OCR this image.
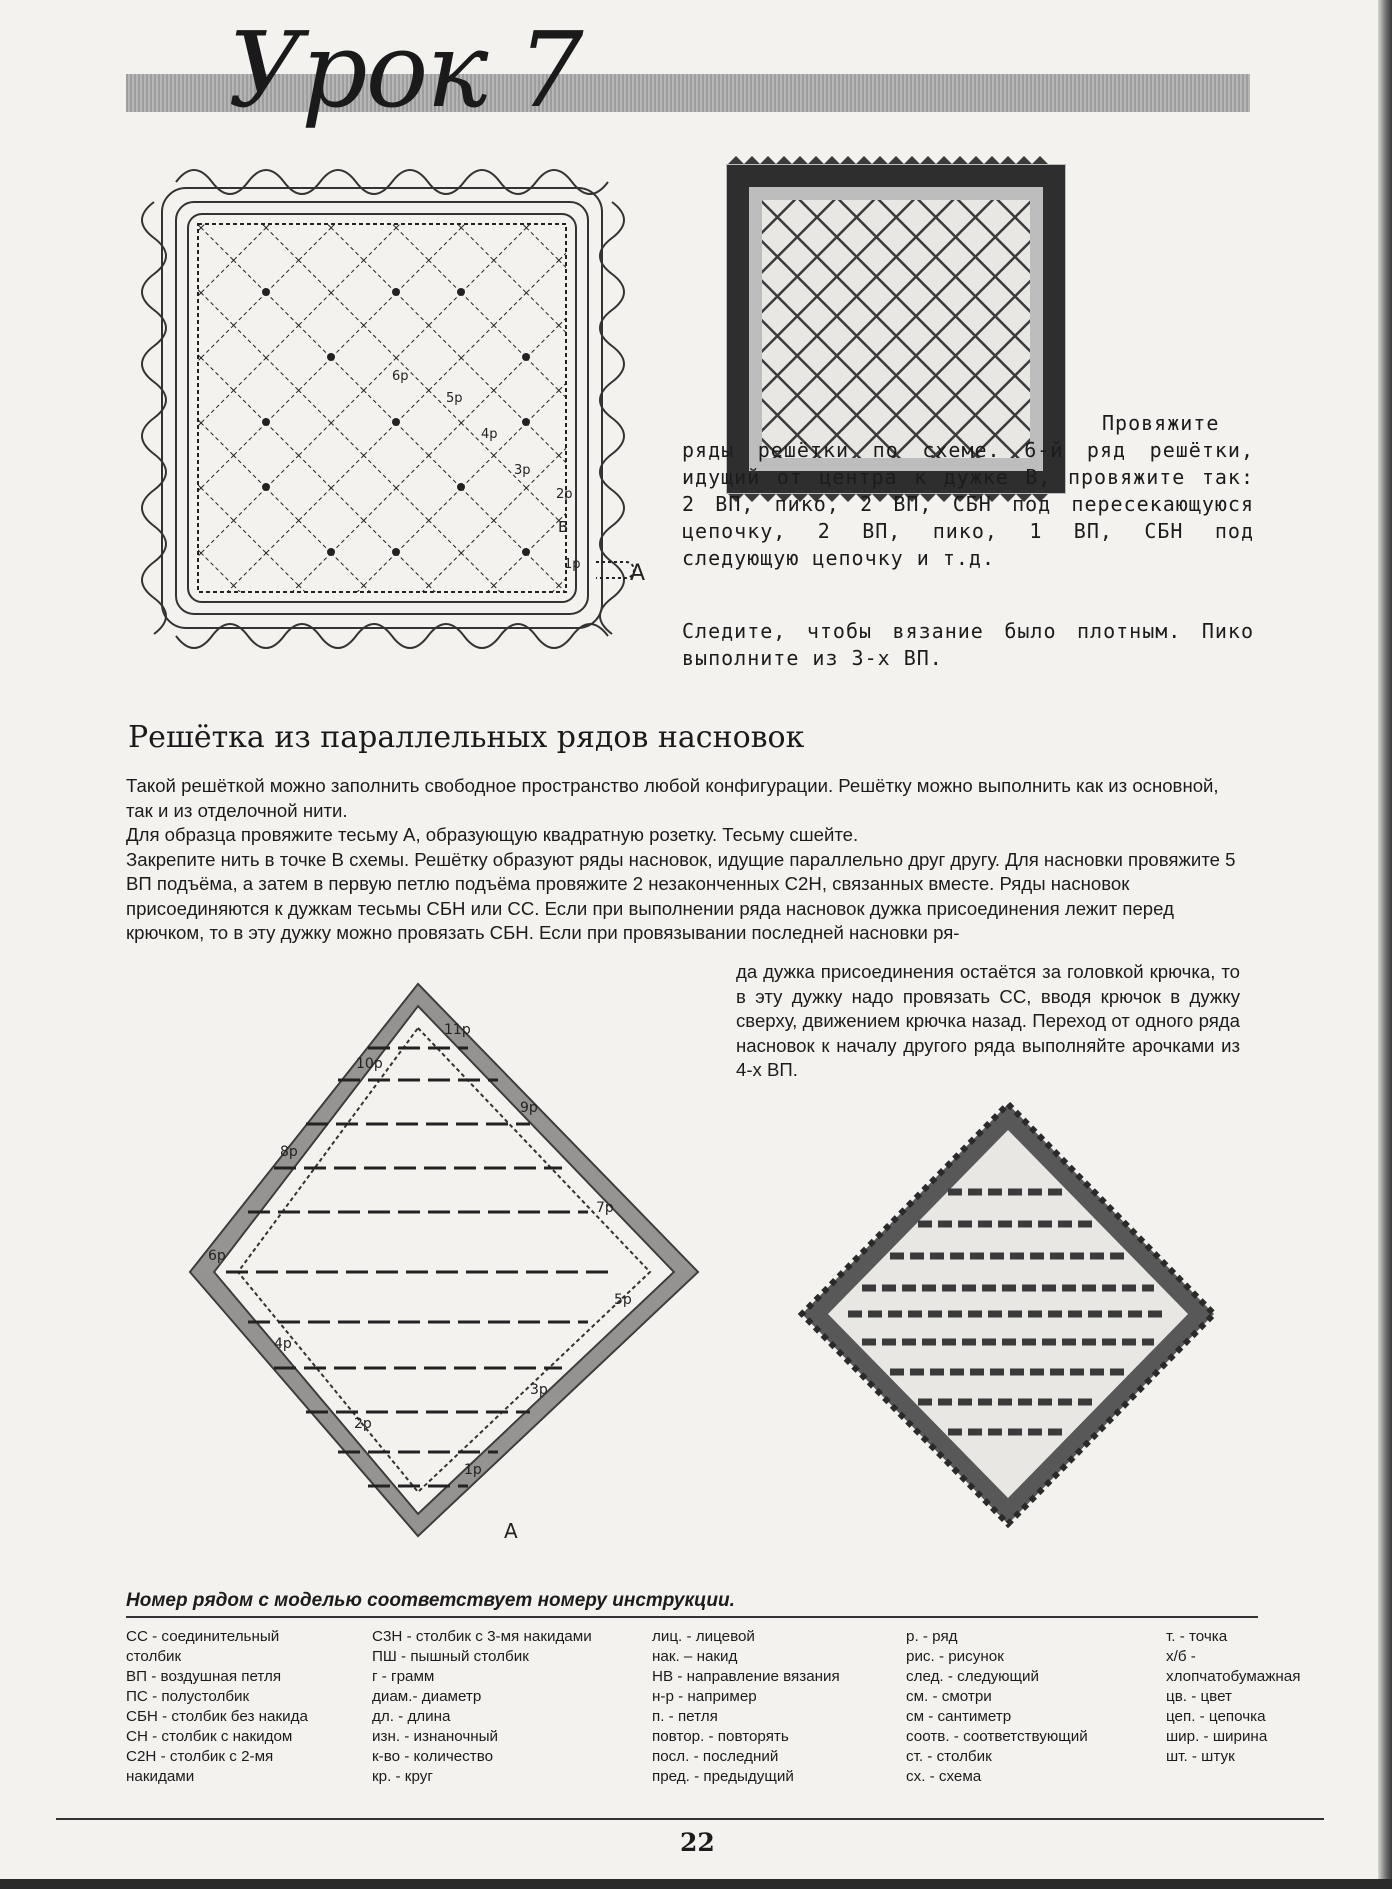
Урок 7
6р
5р
4р
3р
2р
1р
В
А
Провяжите ряды решётки по схеме. 6-й ряд решётки, идущий от центра к дужке В, провяжите так: 2 ВП, пико, 2 ВП, СБН под пересекающуюся цепочку, 2 ВП, пико, 1 ВП, СБН под следующую цепочку и т.д.
Следите, чтобы вязание было плотным. Пико выполните из 3-х ВП.
Решётка из параллельных рядов насновок
Такой решёткой можно заполнить свободное пространство любой конфигурации. Решётку можно выполнить как из основной, так и из отделочной нити.
Для образца провяжите тесьму А, образующую квадратную розетку. Тесьму сшейте.
Закрепите нить в точке В схемы. Решётку образуют ряды насновок, идущие параллельно друг другу. Для насновки провяжите 5 ВП подъёма, а затем в первую петлю подъёма провяжите 2 незаконченных С2Н, связанных вместе. Ряды насновок присоединяются к дужкам тесьмы СБН или СС. Если при выполнении ряда насновок дужка присоединения лежит перед крючком, то в эту дужку можно провязать СБН. Если при провязывании последней насновки ря-
да дужка присоединения остаётся за головкой крючка, то в эту дужку надо провязать СС, вводя крючок в дужку сверху, движением крючка назад. Переход от одного ряда насновок к началу другого ряда выполняйте арочками из 4-х ВП.
11р
10р
9р
8р
7р
6р
5р
4р
3р
2р
1р
А
Номер рядом с моделью соответствует номеру инструкции.
СС - соединительный
столбик
ВП - воздушная петля
ПС - полустолбик
СБН - столбик без накида
СН - столбик с накидом
С2Н - столбик с 2-мя
накидами
С3Н - столбик с 3-мя накидами
ПШ - пышный столбик
г - грамм
диам.- диаметр
дл. - длина
изн. - изнаночный
к-во - количество
кр. - круг
лиц. - лицевой
нак. – накид
НВ - направление вязания
н-р - например
п. - петля
повтор. - повторять
посл. - последний
пред. - предыдущий
р. - ряд
рис. - рисунок
след. - следующий
см. - смотри
см - сантиметр
соотв. - соответствующий
ст. - столбик
сх. - схема
т. - точка
х/б -
хлопчатобумажная
цв. - цвет
цеп. - цепочка
шир. - ширина
шт. - штук
22
